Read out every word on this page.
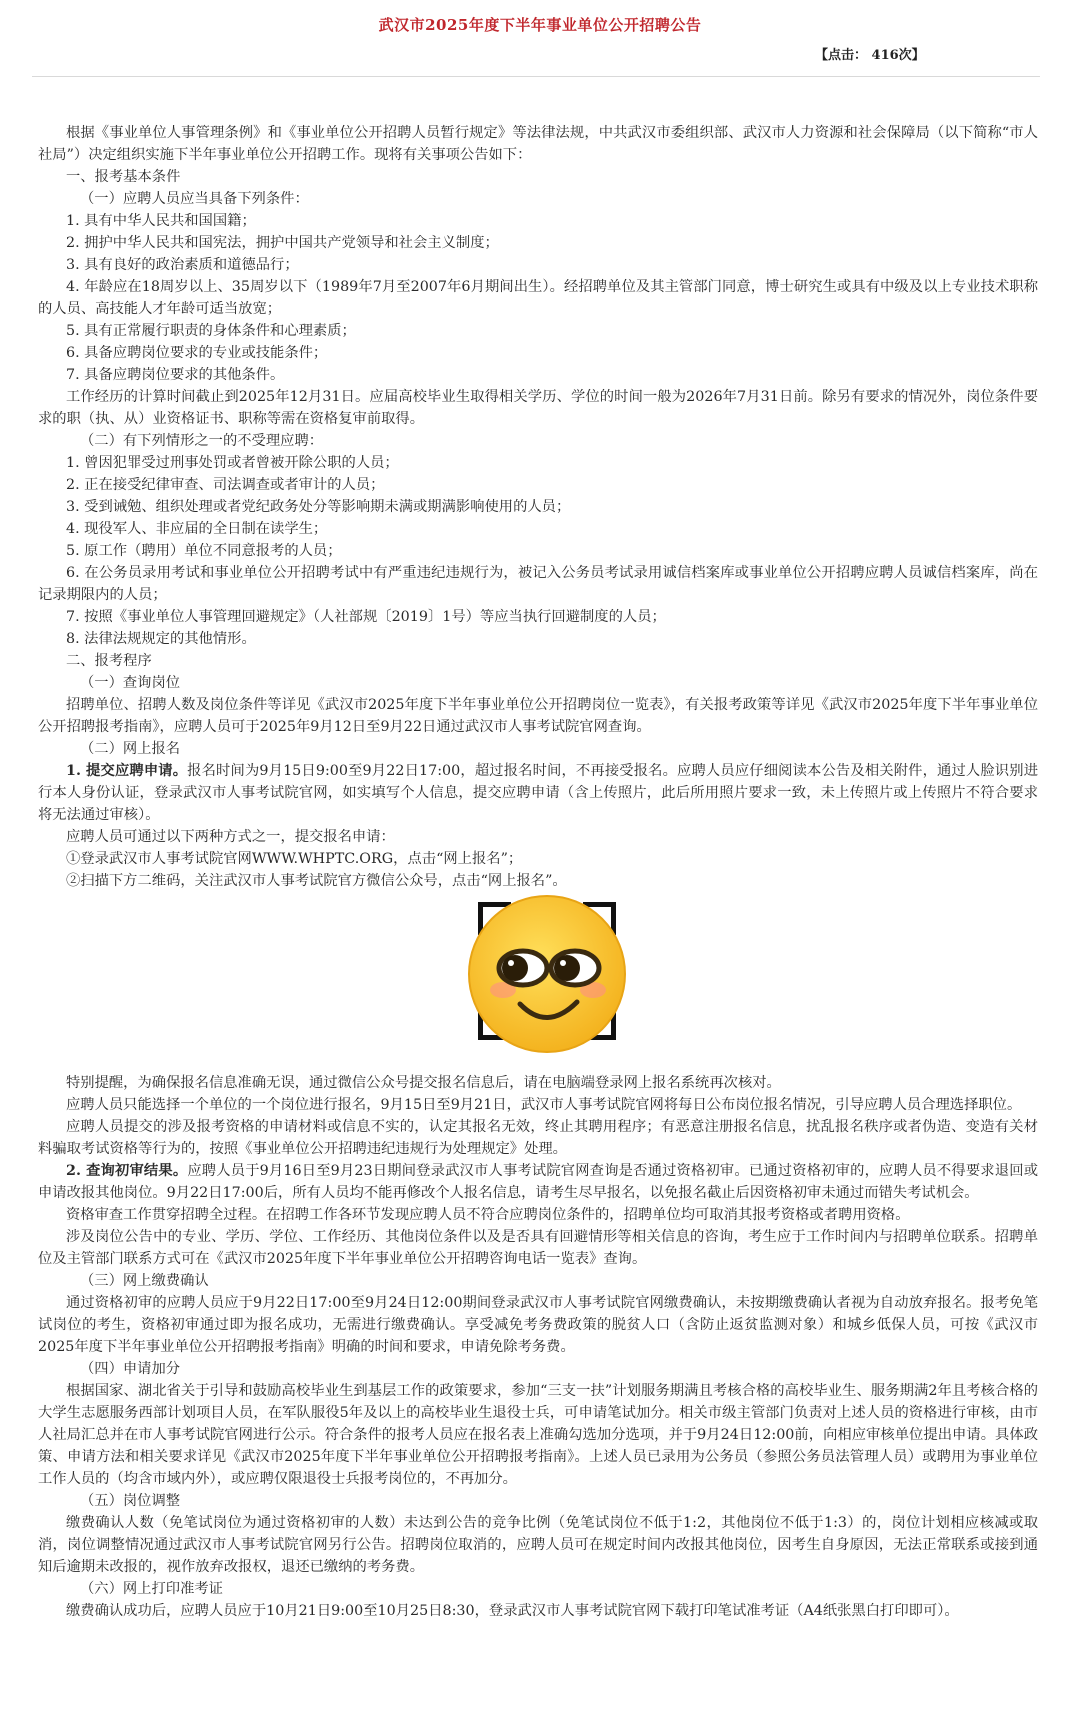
武汉市2025年度下半年事业单位公开招聘公告
【点击： 416次】

根据《事业单位人事管理条例》和《事业单位公开招聘人员暂行规定》等法律法规，中共武汉市委组织部、武汉市人力资源和社会保障局（以下简称“市人社局”）决定组织实施下半年事业单位公开招聘工作。现将有关事项公告如下：

一、报考基本条件

（一）应聘人员应当具备下列条件：

1. 具有中华人民共和国国籍；

2. 拥护中华人民共和国宪法，拥护中国共产党领导和社会主义制度；

3. 具有良好的政治素质和道德品行；

4. 年龄应在18周岁以上、35周岁以下（1989年7月至2007年6月期间出生）。经招聘单位及其主管部门同意，博士研究生或具有中级及以上专业技术职称的人员、高技能人才年龄可适当放宽；

5. 具有正常履行职责的身体条件和心理素质；

6. 具备应聘岗位要求的专业或技能条件；

7. 具备应聘岗位要求的其他条件。

工作经历的计算时间截止到2025年12月31日。应届高校毕业生取得相关学历、学位的时间一般为2026年7月31日前。除另有要求的情况外，岗位条件要求的职（执、从）业资格证书、职称等需在资格复审前取得。

（二）有下列情形之一的不受理应聘：

1. 曾因犯罪受过刑事处罚或者曾被开除公职的人员；

2. 正在接受纪律审查、司法调查或者审计的人员；

3. 受到诫勉、组织处理或者党纪政务处分等影响期未满或期满影响使用的人员；

4. 现役军人、非应届的全日制在读学生；

5. 原工作（聘用）单位不同意报考的人员；

6. 在公务员录用考试和事业单位公开招聘考试中有严重违纪违规行为，被记入公务员考试录用诚信档案库或事业单位公开招聘应聘人员诚信档案库，尚在记录期限内的人员；

7. 按照《事业单位人事管理回避规定》（人社部规〔2019〕1号）等应当执行回避制度的人员；

8. 法律法规规定的其他情形。

二、报考程序

（一）查询岗位

招聘单位、招聘人数及岗位条件等详见《武汉市2025年度下半年事业单位公开招聘岗位一览表》，有关报考政策等详见《武汉市2025年度下半年事业单位公开招聘报考指南》，应聘人员可于2025年9月12日至9月22日通过武汉市人事考试院官网查询。

（二）网上报名

1. 提交应聘申请。报名时间为9月15日9:00至9月22日17:00，超过报名时间，不再接受报名。应聘人员应仔细阅读本公告及相关附件，通过人脸识别进行本人身份认证，登录武汉市人事考试院官网，如实填写个人信息，提交应聘申请（含上传照片，此后所用照片要求一致，未上传照片或上传照片不符合要求将无法通过审核）。

应聘人员可通过以下两种方式之一，提交报名申请：

①登录武汉市人事考试院官网WWW.WHPTC.ORG，点击“网上报名”；

②扫描下方二维码，关注武汉市人事考试院官方微信公众号，点击“网上报名”。

特别提醒，为确保报名信息准确无误，通过微信公众号提交报名信息后，请在电脑端登录网上报名系统再次核对。

应聘人员只能选择一个单位的一个岗位进行报名，9月15日至9月21日，武汉市人事考试院官网将每日公布岗位报名情况，引导应聘人员合理选择职位。

应聘人员提交的涉及报考资格的申请材料或信息不实的，认定其报名无效，终止其聘用程序；有恶意注册报名信息，扰乱报名秩序或者伪造、变造有关材料骗取考试资格等行为的，按照《事业单位公开招聘违纪违规行为处理规定》处理。

2. 查询初审结果。应聘人员于9月16日至9月23日期间登录武汉市人事考试院官网查询是否通过资格初审。已通过资格初审的，应聘人员不得要求退回或申请改报其他岗位。9月22日17:00后，所有人员均不能再修改个人报名信息，请考生尽早报名，以免报名截止后因资格初审未通过而错失考试机会。

资格审查工作贯穿招聘全过程。在招聘工作各环节发现应聘人员不符合应聘岗位条件的，招聘单位均可取消其报考资格或者聘用资格。

涉及岗位公告中的专业、学历、学位、工作经历、其他岗位条件以及是否具有回避情形等相关信息的咨询，考生应于工作时间内与招聘单位联系。招聘单位及主管部门联系方式可在《武汉市2025年度下半年事业单位公开招聘咨询电话一览表》查询。

（三）网上缴费确认

通过资格初审的应聘人员应于9月22日17:00至9月24日12:00期间登录武汉市人事考试院官网缴费确认，未按期缴费确认者视为自动放弃报名。报考免笔试岗位的考生，资格初审通过即为报名成功，无需进行缴费确认。享受减免考务费政策的脱贫人口（含防止返贫监测对象）和城乡低保人员，可按《武汉市2025年度下半年事业单位公开招聘报考指南》明确的时间和要求，申请免除考务费。

（四）申请加分

根据国家、湖北省关于引导和鼓励高校毕业生到基层工作的政策要求，参加“三支一扶”计划服务期满且考核合格的高校毕业生、服务期满2年且考核合格的大学生志愿服务西部计划项目人员，在军队服役5年及以上的高校毕业生退役士兵，可申请笔试加分。相关市级主管部门负责对上述人员的资格进行审核，由市人社局汇总并在市人事考试院官网进行公示。符合条件的报考人员应在报名表上准确勾选加分选项，并于9月24日12:00前，向相应审核单位提出申请。具体政策、申请方法和相关要求详见《武汉市2025年度下半年事业单位公开招聘报考指南》。上述人员已录用为公务员（参照公务员法管理人员）或聘用为事业单位工作人员的（均含市域内外），或应聘仅限退役士兵报考岗位的，不再加分。

（五）岗位调整

缴费确认人数（免笔试岗位为通过资格初审的人数）未达到公告的竞争比例（免笔试岗位不低于1:2，其他岗位不低于1:3）的，岗位计划相应核减或取消，岗位调整情况通过武汉市人事考试院官网另行公告。招聘岗位取消的，应聘人员可在规定时间内改报其他岗位，因考生自身原因，无法正常联系或接到通知后逾期未改报的，视作放弃改报权，退还已缴纳的考务费。

（六）网上打印准考证

缴费确认成功后，应聘人员应于10月21日9:00至10月25日8:30，登录武汉市人事考试院官网下载打印笔试准考证（A4纸张黑白打印即可）。
